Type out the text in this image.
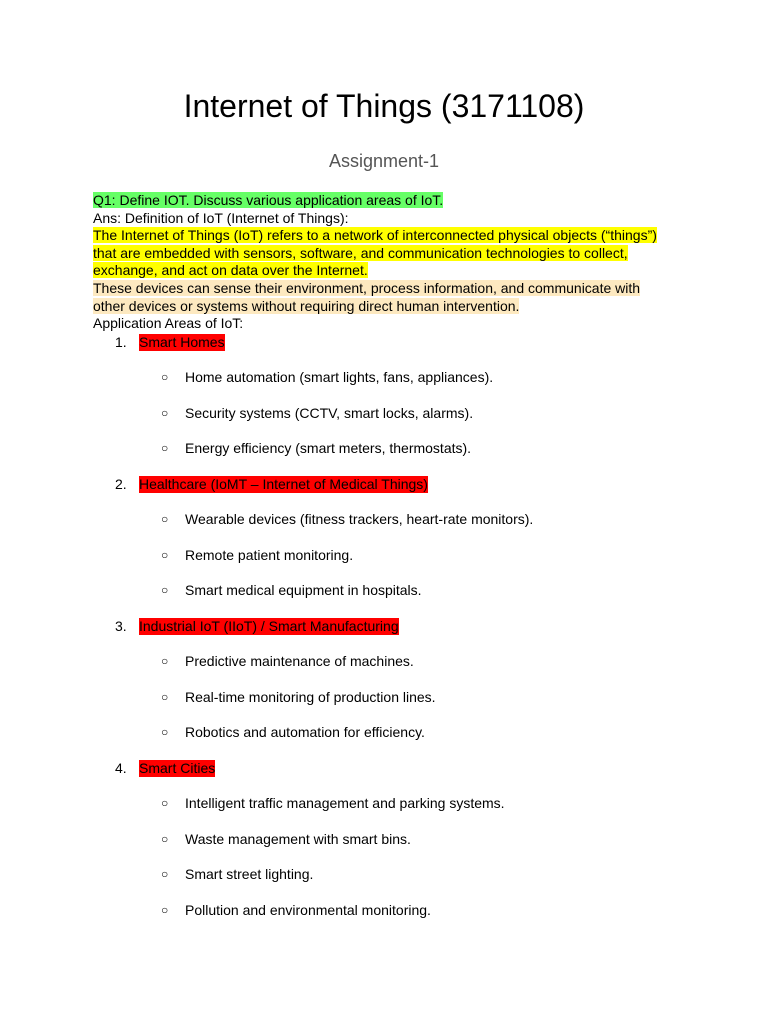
Internet of Things (3171108)
Assignment-1

Q1: Define IOT. Discuss various application areas of IoT.

Ans: Definition of IoT (Internet of Things):

The Internet of Things (IoT) refers to a network of interconnected physical objects (“things”) that are embedded with sensors, software, and communication technologies to collect, exchange, and act on data over the Internet.

These devices can sense their environment, process information, and communicate with other devices or systems without requiring direct human intervention.

Application Areas of IoT:

1. Smart Homes
○ Home automation (smart lights, fans, appliances).
○ Security systems (CCTV, smart locks, alarms).
○ Energy efficiency (smart meters, thermostats).
2. Healthcare (IoMT – Internet of Medical Things)
○ Wearable devices (fitness trackers, heart-rate monitors).
○ Remote patient monitoring.
○ Smart medical equipment in hospitals.
3. Industrial IoT (IIoT) / Smart Manufacturing
○ Predictive maintenance of machines.
○ Real-time monitoring of production lines.
○ Robotics and automation for efficiency.
4. Smart Cities
○ Intelligent traffic management and parking systems.
○ Waste management with smart bins.
○ Smart street lighting.
○ Pollution and environmental monitoring.
